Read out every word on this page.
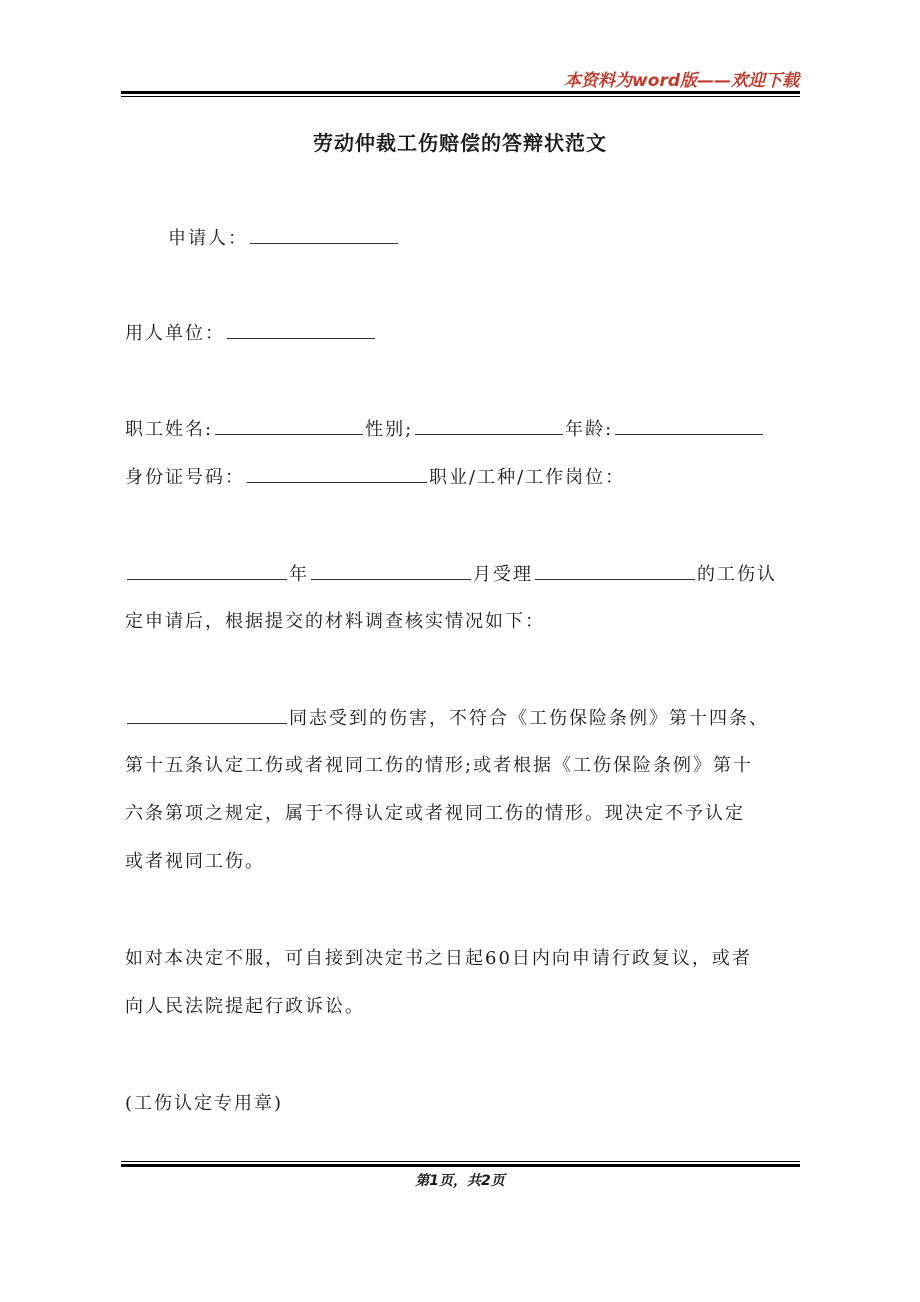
本资料为word版——欢迎下载
劳动仲裁工伤赔偿的答辩状范文
申请人：
用人单位：
职工姓名:	性别;	年龄:
身份证号码：	职业/工种/工作岗位：
年	月受理	的工伤认
定申请后，根据提交的材料调查核实情况如下：
同志受到的伤害，不符合《工伤保险条例》第十四条、
第十五条认定工伤或者视同工伤的情形;或者根据《工伤保险条例》第十
六条第项之规定，属于不得认定或者视同工伤的情形。现决定不予认定
或者视同工伤。
如对本决定不服，可自接到决定书之日起60日内向申请行政复议，或者
向人民法院提起行政诉讼。
(工伤认定专用章)
第1页，共2页
